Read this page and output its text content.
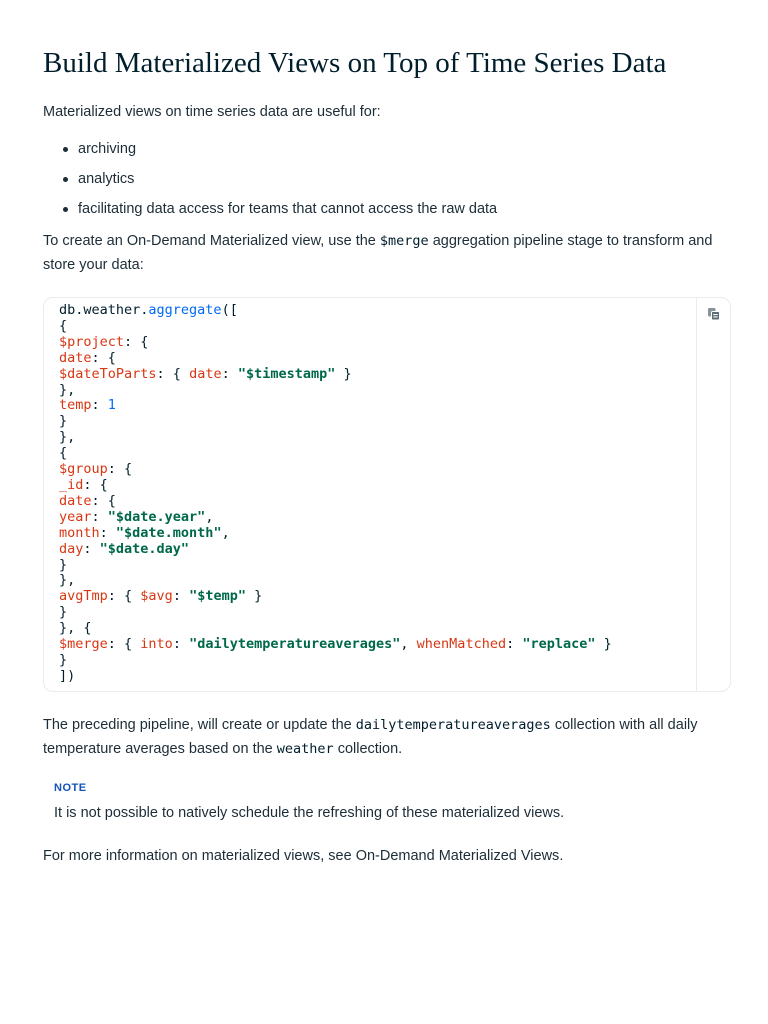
Build Materialized Views on Top of Time Series Data

Materialized views on time series data are useful for:

archiving
analytics
facilitating data access for teams that cannot access the raw data

To create an On-Demand Materialized view, use the $merge aggregation pipeline stage to transform and store your data:

db.weather.aggregate([
{
$project: {
date: {
$dateToParts: { date: "$timestamp" }
},
temp: 1
}
},
{
$group: {
_id: {
date: {
year: "$date.year",
month: "$date.month",
day: "$date.day"
}
},
avgTmp: { $avg: "$temp" }
}
}, {
$merge: { into: "dailytemperatureaverages", whenMatched: "replace" }
}
])

The preceding pipeline, will create or update the dailytemperatureaverages collection with all daily temperature averages based on the weather collection.

NOTE
It is not possible to natively schedule the refreshing of these materialized views.

For more information on materialized views, see On-Demand Materialized Views.
